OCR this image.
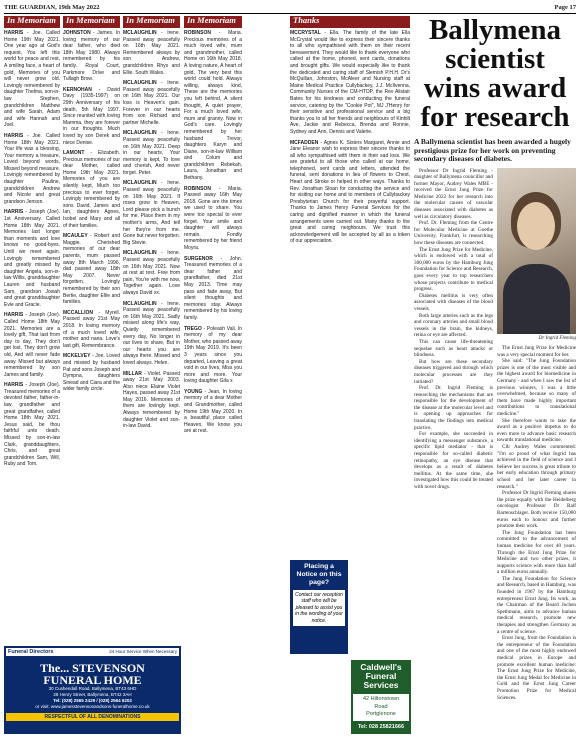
THE GUARDIAN, 19th May 2022	Page 17
In Memoriam
HARRIS - Joe. Called Home 19th May 2021. One year ago at God's request, You left this world for peace and rest, A smiling face, a heart of gold, Memories of you will never grow old. Lovingly remembered by daughter Thelma, son-in-law Stephen, grandchildren Matthew and wife Sarah, Adam and wife Hannah and Joel.
HARRIS - Joe. Called Home 18th May 2021. Your life was a blessing, Your memory a treasure, Loved beyond words, Missed beyond measure. Lovingly remembered by daughter Pauline, grandchildren Andrew and Nicole and great grandson Jenson.
HARRIS - Joseph (Joe). 1st Anniversary. Called Home 18th May 2021. Memories last longer than moments and love knows no good-byes. Until we meet again. Lovingly remembered and greatly missed by daughter Angela, son-in-law Willis, granddaughter Lauren and husband Sam, grandson Josiah and great granddaughter Evie and Gracie.
HARRIS - Joseph (Joe). Called Home 18th May 2021. Memories are a lovely gift, That last from day to day, They don't get lost, They don't grow old, And will never fade away. Missed but always remembered by son James and family.
HARRIS - Joseph (Joe). Treasured memories of a devoted father, father-in-law, grandfather and great grandfather, called Home 18th May 2021. Jesus said, be thou faithful unto death. Missed by son-in-law Clark, granddaughters, Chris, and great grandchildren Sam, Will, Ruby and Tom.
In Memoriam
JOHNSTON - James. In loving memory of our dear father, who died 18th May 1980. Always remembered by his family. Royal Court, Parkmore Drive and Tullagh Brow.
KERNOHAN - David Davy (1935-1997) on 29th Anniversary of his death, 5th May 1997. Since reunited with loving Mamma, they are forever in our thoughts. Much loved by son Derek and niece Denise.
LAMONT - Elizabeth. Precious memories of our dear Mother, called Home 19th May 2021. Memories of you are silently kept, Much too precious to ever forget. Lovingly remembered by sons David, James and Ian, daughters Agnes, Isobel and Mary and all of their families.
MCAULEY - Robert and Maggie. Cherished memories of our dear parents, mum passed away 8th March 1996, dad passed away 18th May 2007. Never forgotten. Lovingly remembered by their son Bertie, daughter Ellie and families.
MCCALLION - Myrell. Passed away 21st May 2018. In loving memory of a much loved wife, mother and nana. Love's last gift, Remembrance.
MCKELVEY - Joe. Loved and missed by husband Pat and sons Joseph and Dympna, daughters Sinead and Ciara and the wider family circle.
In Memoriam
MCLAUGHLIN - Irene. Passed away peacefully on 16th May 2021. Remembered always by son Andrew, grandchildren Rhys and Ellie. South Wales.
MCLAUGHLIN - Irene. Passed away peacefully on 16th May 2021. Our loss is Heaven's gain. Forever in our hearts from son Richard and partner Michelle.
MCLAUGHLIN - Irene. Passed away peacefully on 16th May 2021. Deep in our hearts, Your memory is kept, To love and cherish, And never forget. Peter.
MCLAUGHLIN - Irene. Passed away peacefully on 16th May 2021. If roses grow in Heaven, Lord please pick a bunch for me. Place them in my mother's arms, And tell her they're from me. Gone but never forgotten. Big Stevie.
MCLAUGHLIN - Irene. Passed away peacefully on 16th May 2021. Now at rest at rest. Free from pain, You're with me now, Together again. Love always David xx.
MCLAUGHLIN - Irene. Passed away peacefully on 16th May 2021. Sadly missed along life's way, Quietly remembered every day, No longer in our lives to share, But in our hearts you are always there. Missed and loved always. Helen.
MILLAR - Violet. Passed away 21st May 2003. Also niece Elaine Violet Hayes, passed away 21st May 2016. Memories of them are lovingly kept. Always remembered by daughter Violet and son-in-law David.
In Memoriam
ROBINSON - Maria. Precious memories of a much loved wife, mum and grandmother, called Home on 16th May 2018. A loving nature, A heart of gold, The very best this world could hold. Always willing, always kind, These are the memories you left behind, A silent thought, A quiet prayer, For a much loved wife, mum and granny. Now in God's care. Lovingly remembered by her husband Trevor, daughters Karyn and Diane, son-in-law William and Colum and grandchildren Rebekah, Laura, Jonathan and Bethany.
ROBINSON - Maria. Passed away 16th May 2018. Gone are the times we used to share. You were too special to ever forget. Your smile and daughter will always remain. Fondly remembered by her friend Moyra.
SURGENOR - John. Treasured memories of a dear father and grandfather, died 21st May 2013. Time may pass and fade away, But silent thoughts and memories stay. Always remembered by his loving family.
TREGO - Poleash Vali. In memory of my dear Mother, who passed away 19th May 2019. It's been 3 years since you departed, Leaving a great void in our lives, Miss you more and more. Your loving daughter Gita x
YOUNG - Jean. In loving memory of a dear Mother and Grandmother, called Home 19th May 2020. In a beautiful place called Heaven, We know you are at rest.
Thanks
MCCRYSTAL - Ella. The family of the late Ella McCrystal would like to express their sincere thanks to all who sympathised with them on their recent bereavement. They would like to thank everyone who called at the home, phoned, sent cards, donations and brought gifts. We would especially like to thank the dedicated and caring staff of Slemish P.H.H. Dr's McQuillan, Johnston, McAleer and Nursing staff at Maine Medical Practice Cullybackey, J.J. McIlvenna, Community Nurses of the CM-HTOP, the Rev Alistair Bates for his kindness and conducting the funeral service, catering by the "Cookie Pot", MJ J'Henry for their sensitive and professional service and a big thanks you to all her friends and neighbours of Kinhilt Ave, Jackie and Rebecca, Brenda and Ronnie, Sydney and Ann, Dennis and Valerie.
MCFADDEN - Agnes K. Sisters Margaret, Annie and Jane Eleanor wish to express their sincere thanks to all who sympathised with them in their sad loss. We are grateful to all those who called at our home, telephoned, sent cards and letters, attended the funeral, sent donations in lieu of flowers to Chest, Heart and Stroke or helped in other ways. Thanks to Rev. Jonathan Sloan for conducting the service and for visiting our home and to members of Cullybackey Presbyterian Church for their prayerful support. Thanks to James Henry Funeral Services for the caring and dignified manner in which the funeral arrangements were carried out. Many thanks to the great and caring neighbours. We trust this acknowledgement will be accepted by all as a token of our appreciation.
Funeral Directors	24 Hour Service When Necessary
The... STEVENSON
FUNERAL HOME
30 Cushendall Road, Ballymena, BT43 6HD
28 Henry Street, Ballymena, BT42 3AH
Tel: (028) 2565 2429 / (028) 2564 6202
or visit: www.jamesstevensonandsons-funeralhome.co.uk
RESPECTFUL OF ALL DENOMINATIONS
Placing a Notice on this page?
Contact our reception staff who will be pleased to assist you in the wording of your notice.
Caldwell's Funeral Services
42 Hiltonstown
Road
Portglenone
Tel: 028 25821666
Ballymena scientist wins award for research
A Ballymena scientist has been awarded a hugely prestigious prize for her work on preventing secondary diseases of diabetes.

Professor Dr Ingrid Fleming - daughter of Ballymena councillor and former Mayor, Audrey Wales MBE - received the Ernst Jung Prize for Medicine 2022 for her research into the molecular causes of vascular diseases associated with diabetes as well as circulatory diseases.

Prof. Dr. Fleming from the Centre for Molecular Medicine at Goethe University, Frankfurt, is researching how these diseases are connected.

The Ernst Jung Prize for Medicine, which is endowed with a total of 300,000 euros by the Hamburg Jung Foundation for Science and Research, goes every year to top researchers whose projects contribute to medical progress.

Diabetes mellitus is very often associated with diseases of the blood vessels.

Both large arteries such as the legs and coronary arteries and small blood vessels in the brain, the kidneys, retina or eye are affected.

This can cause life-threatening sequelae such as heart attacks or blindness.

But how are these secondary diseases triggered and through which molecular processes are they initiated?

Prof. Dr. Ingrid Fleming is researching the mechanisms that are responsible for the development of the disease at the molecular level and is opening up approaches for translating the findings into medical practice.

For example, she succeeded in identifying a messenger substance, a specific lipid mediator - that is responsible for so-called diabetic retinopathy, an eye disease that develops as a result of diabetes mellitus. At the same time, she investigated how this could be treated with novel drugs.

Dr Ingrid Fleming

The Ernst Jung Prize for Medicine was a very special moment for her.

She said: "The Jung Foundation prizes is one of the most visible and the highest award for biomedicine in Germany - and when I saw the list of previous winners, I was a little overwhelmed, because so many of them have made highly important contributions to translational medicine."

She therefore wants to take the award as a positive impetus to do even more to advance basic research towards translational medicine.

Cllr Audrey Wales commented: "I'm so proud of what Ingrid has achieved in the field of science and I believe her success is great tribute to her early education through primary school and her later career in research."

Professor Dr Ingrid Fleming shares the prize equally with the Heidelberg oncologist Professor Dr Ralf Bartenschlager. Both receive 150,000 euros each to honour and further promote their work.

The Jung Foundation has been committed to the advancement of human medicine for over 40 years. Through the Ernst Jung Prize for Medicine and two other prizes, it supports science with more than half a million euros annually.

The Jung Foundation for Science and Research, based in Hamburg, was founded in 1967 by the Hamburg entrepreneur Ernst Jung. Its work, as the Chairman of the Board Jochen Spethmann, aims to advance human medical research, promote new therapies and strengthen Germany as a centre of science.

Ernst Jung, from the Foundation is the entrepreneur of the Foundation and one of the most highly endowed medical prizes in Europe and promote excellent human medicine: The Ernst Jung Prize for Medicine, the Ernst Jung Medal for Medicine in Gold and the Ernst Jung Career Promotion Prize for Medical Sciences.
